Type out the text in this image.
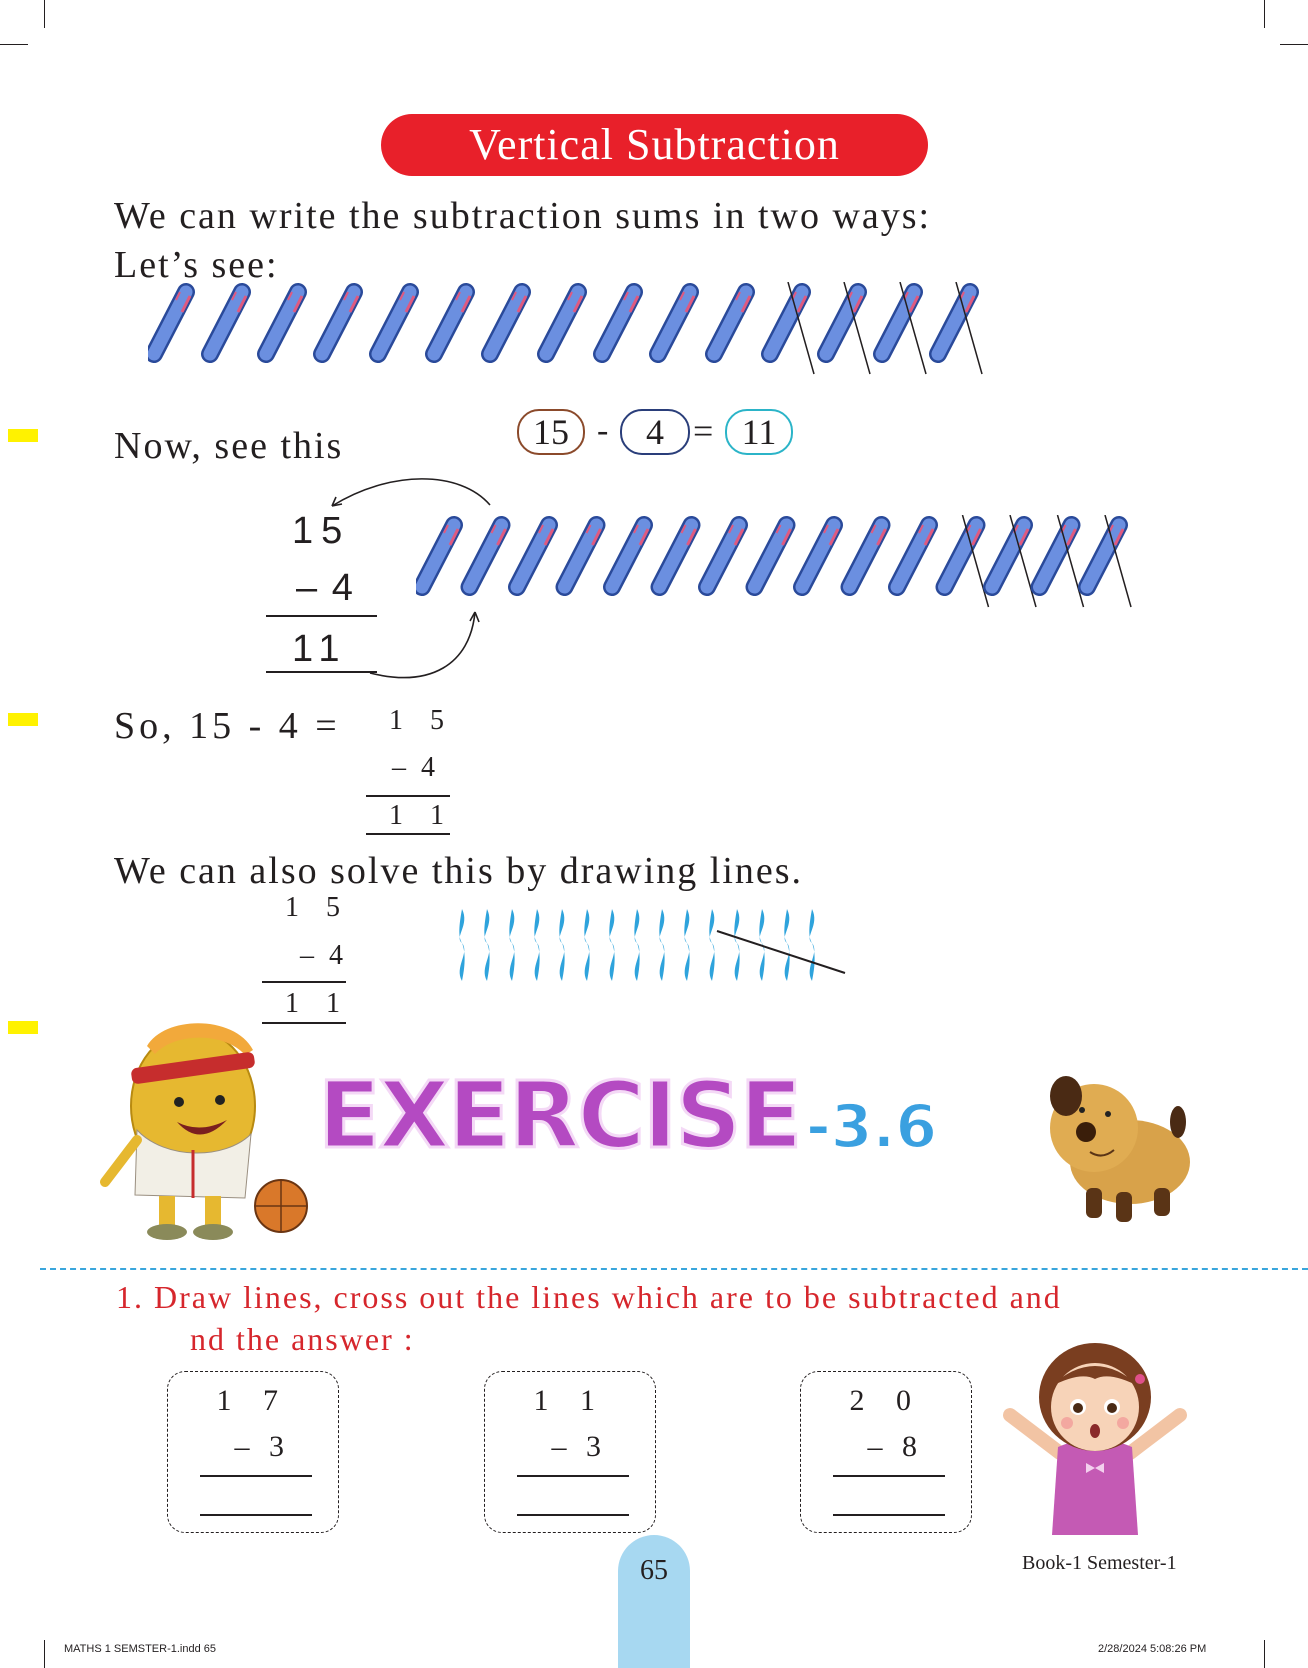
Vertical Subtraction
We can write the subtraction sums in two ways:
Let’s see:
Now, see this	15 -	4 = 11
15
– 4
11
So, 15 - 4 = 1 5
– 4
1 1
We can also solve this by drawing lines.
1 5
– 4
1 1
EXERCISE -3.6
1. Draw lines, cross out the lines which are to be subtracted and
nd the answer :
1 7
– 3
1 1
– 3
2 0
– 8
Book-1 Semester-1
65
MATHS 1 SEMSTER-1.indd 65	2/28/2024 5:08:26 PM
